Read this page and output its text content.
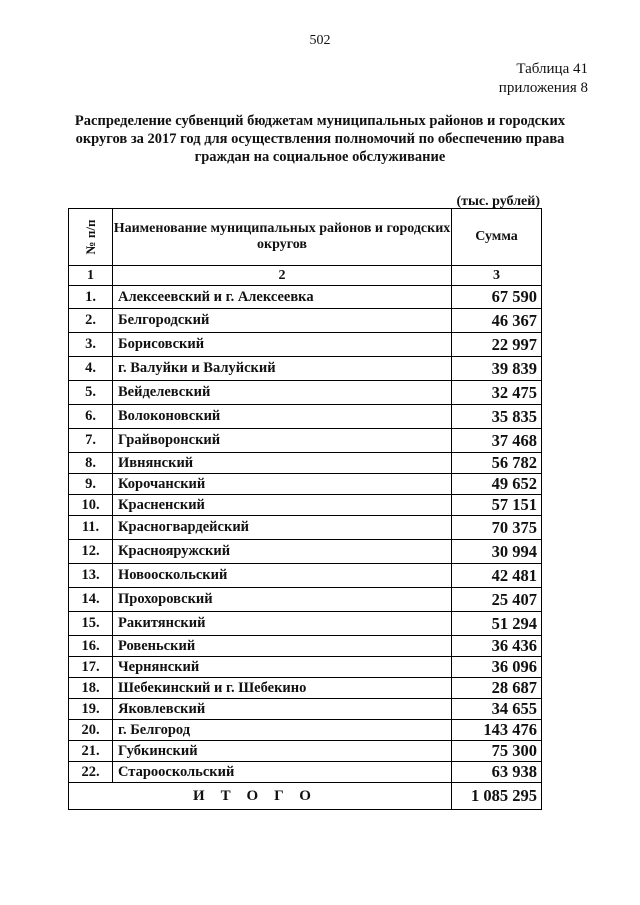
502
Таблица 41
приложения 8
Распределение субвенций бюджетам муниципальных районов и городских округов за 2017 год для осуществления полномочий по обеспечению права граждан на социальное обслуживание
(тыс. рублей)
№ п/п	Наименование муниципальных районов и городских округов	Сумма
1	2	3
1.	Алексеевский и г. Алексеевка	67 590
2.	Белгородский	46 367
3.	Борисовский	22 997
4.	г. Валуйки и Валуйский	39 839
5.	Вейделевский	32 475
6.	Волоконовский	35 835
7.	Грайворонский	37 468
8.	Ивнянский	56 782
9.	Корочанский	49 652
10.	Красненский	57 151
11.	Красногвардейский	70 375
12.	Краснояружский	30 994
13.	Новооскольский	42 481
14.	Прохоровский	25 407
15.	Ракитянский	51 294
16.	Ровеньский	36 436
17.	Чернянский	36 096
18.	Шебекинский и г. Шебекино	28 687
19.	Яковлевский	34 655
20.	г. Белгород	143 476
21.	Губкинский	75 300
22.	Старооскольский	63 938
ИТОГО		1 085 295
